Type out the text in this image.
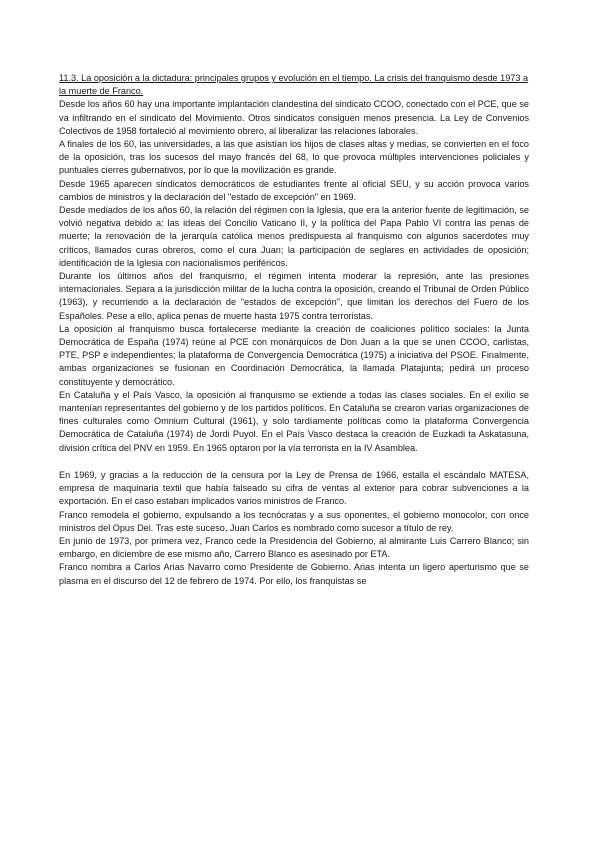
11.3. La oposición a la dictadura: principales grupos y evolución en el tiempo. La crisis del franquismo desde 1973 a la muerte de Franco.

Desde los años 60 hay una importante implantación clandestina del sindicato CCOO, conectado con el PCE, que se va infiltrando en el sindicato del Movimiento. Otros sindicatos consiguen menos presencia. La Ley de Convenios Colectivos de 1958 fortaleció al movimiento obrero, al liberalizar las relaciones laborales.

A finales de los 60, las universidades, a las que asistían los hijos de clases altas y medias, se convierten en el foco de la oposición, tras los sucesos del mayo francés del 68, lo que provoca múltiples intervenciones policiales y puntuales cierres gubernativos, por lo que la movilización es grande.

Desde 1965 aparecen sindicatos democráticos de estudiantes frente al oficial SEU, y su acción provoca varios cambios de ministros y la declaración del "estado de excepción" en 1969.

Desde mediados de los años 60, la relación del régimen con la Iglesia, que era la anterior fuente de legitimación, se volvió negativa debido a: las ideas del Concilio Vaticano II, y la política del Papa Pablo VI contra las penas de muerte; la renovación de la jerarquía católica menos predispuesta al franquismo con algunos sacerdotes muy críticos, llamados curas obreros, como el cura Juan; la participación de seglares en actividades de oposición; identificación de la Iglesia con nacionalismos periféricos.

Durante los últimos años del franquismo, el régimen intenta moderar la represión, ante las presiones internacionales. Separa a la jurisdicción militar de la lucha contra la oposición, creando el Tribunal de Orden Público (1963), y recurriendo a la declaración de "estados de excepción", que limitan los derechos del Fuero de los Españoles. Pese a ello, aplica penas de muerte hasta 1975 contra terroristas.

La oposición al franquismo busca fortalecerse mediante la creación de coaliciones político sociales: la Junta Democrática de España (1974) reúne al PCE con monárquicos de Don Juan a la que se unen CCOO, carlistas, PTE, PSP e independientes; la plataforma de Convergencia Democrática (1975) a iniciativa del PSOE. Finalmente, ambas organizaciones se fusionan en Coordinación Democrática, la llamada Platajunta; pedirá un proceso constituyente y democrático.

En Cataluña y el País Vasco, la oposición al franquismo se extiende a todas las clases sociales. En el exilio se mantenían representantes del gobierno y de los partidos políticos. En Cataluña se crearon varias organizaciones de fines culturales como Omnium Cultural (1961), y solo tardíamente políticas como la plataforma Convergencia Democrática de Cataluña (1974) de Jordi Puyol. En el País Vasco destaca la creación de Euzkadi ta Askatasuna, división crítica del PNV en 1959. En 1965 optaron por la vía terrorista en la IV Asamblea.

En 1969, y gracias a la reducción de la censura por la Ley de Prensa de 1966, estalla el escándalo MATESA, empresa de maquinaria textil que había falseado su cifra de ventas al exterior para cobrar subvenciones a la exportación. En el caso estaban implicados varios ministros de Franco.

Franco remodela el gobierno, expulsando a los tecnócratas y a sus oponentes, el gobierno monocolor, con once ministros del Opus Dei. Tras este suceso, Juan Carlos es nombrado como sucesor a título de rey.

En junio de 1973, por primera vez, Franco cede la Presidencia del Gobierno, al almirante Luis Carrero Blanco; sin embargo, en diciembre de ese mismo año, Carrero Blanco es asesinado por ETA.

Franco nombra a Carlos Arias Navarro como Presidente de Gobierno. Arias intenta un ligero aperturismo que se plasma en el discurso del 12 de febrero de 1974. Por ello, los franquistas se
